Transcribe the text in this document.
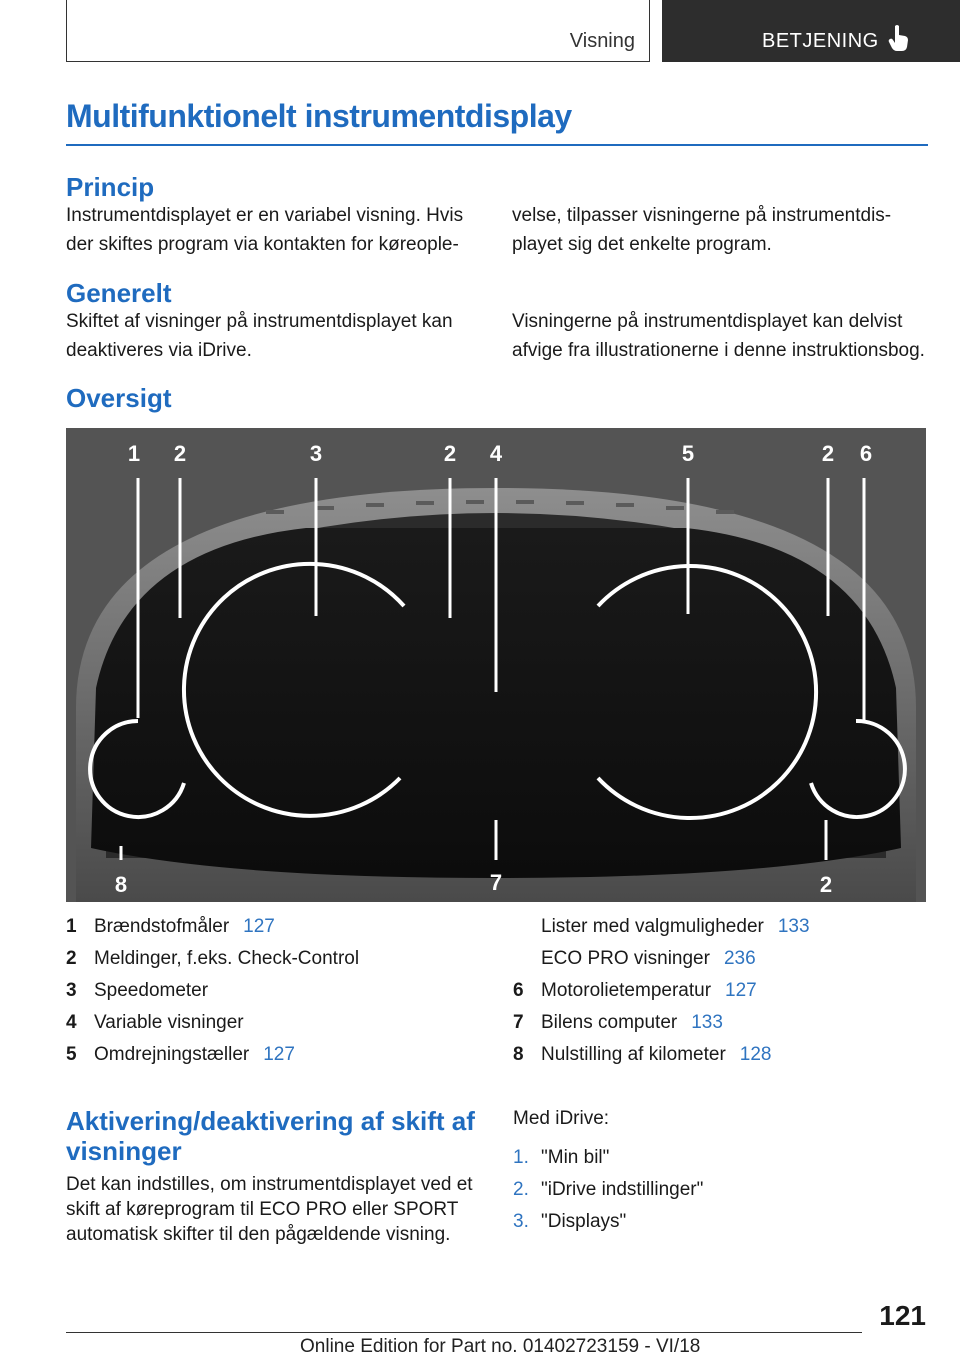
Visning	BETJENING
Multifunktionelt instrumentdisplay
Princip

Instrumentdisplayet er en variabel visning. Hvis der skiftes program via kontakten for køreople-

velse, tilpasser visningerne på instrumentdis-playet sig det enkelte program.

Generelt

Skiftet af visninger på instrumentdisplayet kan deaktiveres via iDrive.

Visningerne på instrumentdisplayet kan delvist afvige fra illustrationerne i denne instruktionsbog.

Oversigt
1 2	3	2 4	5	2 6
8	7	2
1 Brændstofmåler 127
2 Meldinger, f.eks. Check-Control
3 Speedometer
4 Variable visninger
5 Omdrejningstæller 127
Lister med valgmuligheder 133
ECO PRO visninger 236
6 Motorolietemperatur 127
7 Bilens computer 133
8 Nulstilling af kilometer 128
Aktivering/deaktivering af skift af visninger

Det kan indstilles, om instrumentdisplayet ved et skift af køreprogram til ECO PRO eller SPORT automatisk skifter til den pågældende visning.

Med iDrive:
1. "Min bil"
2. "iDrive indstillinger"
3. "Displays"
121
Online Edition for Part no. 01402723159 - VI/18
